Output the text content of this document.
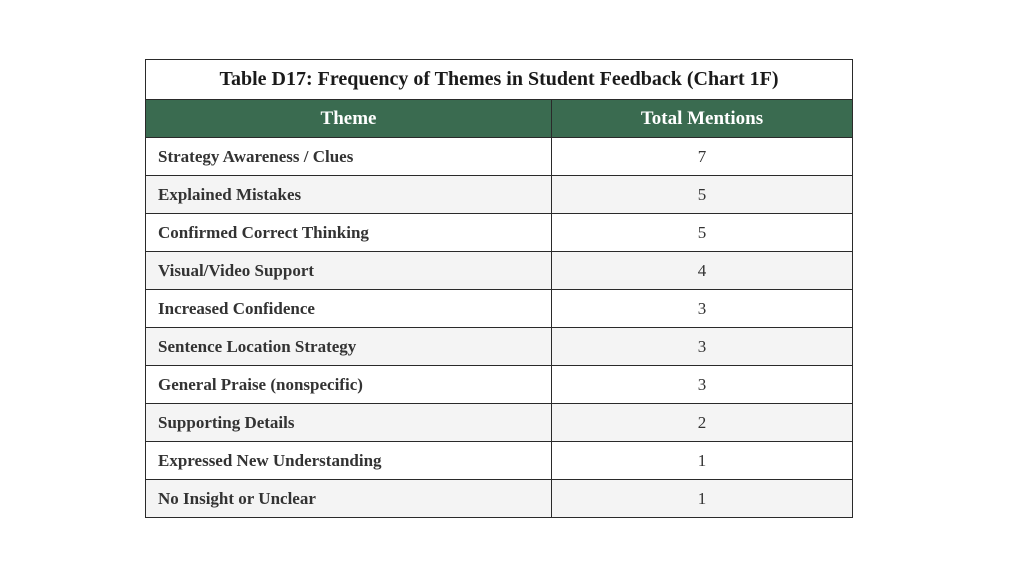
Table D17: Frequency of Themes in Student Feedback (Chart 1F)	
Theme	Total Mentions
Strategy Awareness / Clues	7
Explained Mistakes	5
Confirmed Correct Thinking	5
Visual/Video Support	4
Increased Confidence	3
Sentence Location Strategy	3
General Praise (nonspecific)	3
Supporting Details	2
Expressed New Understanding	1
No Insight or Unclear	1
